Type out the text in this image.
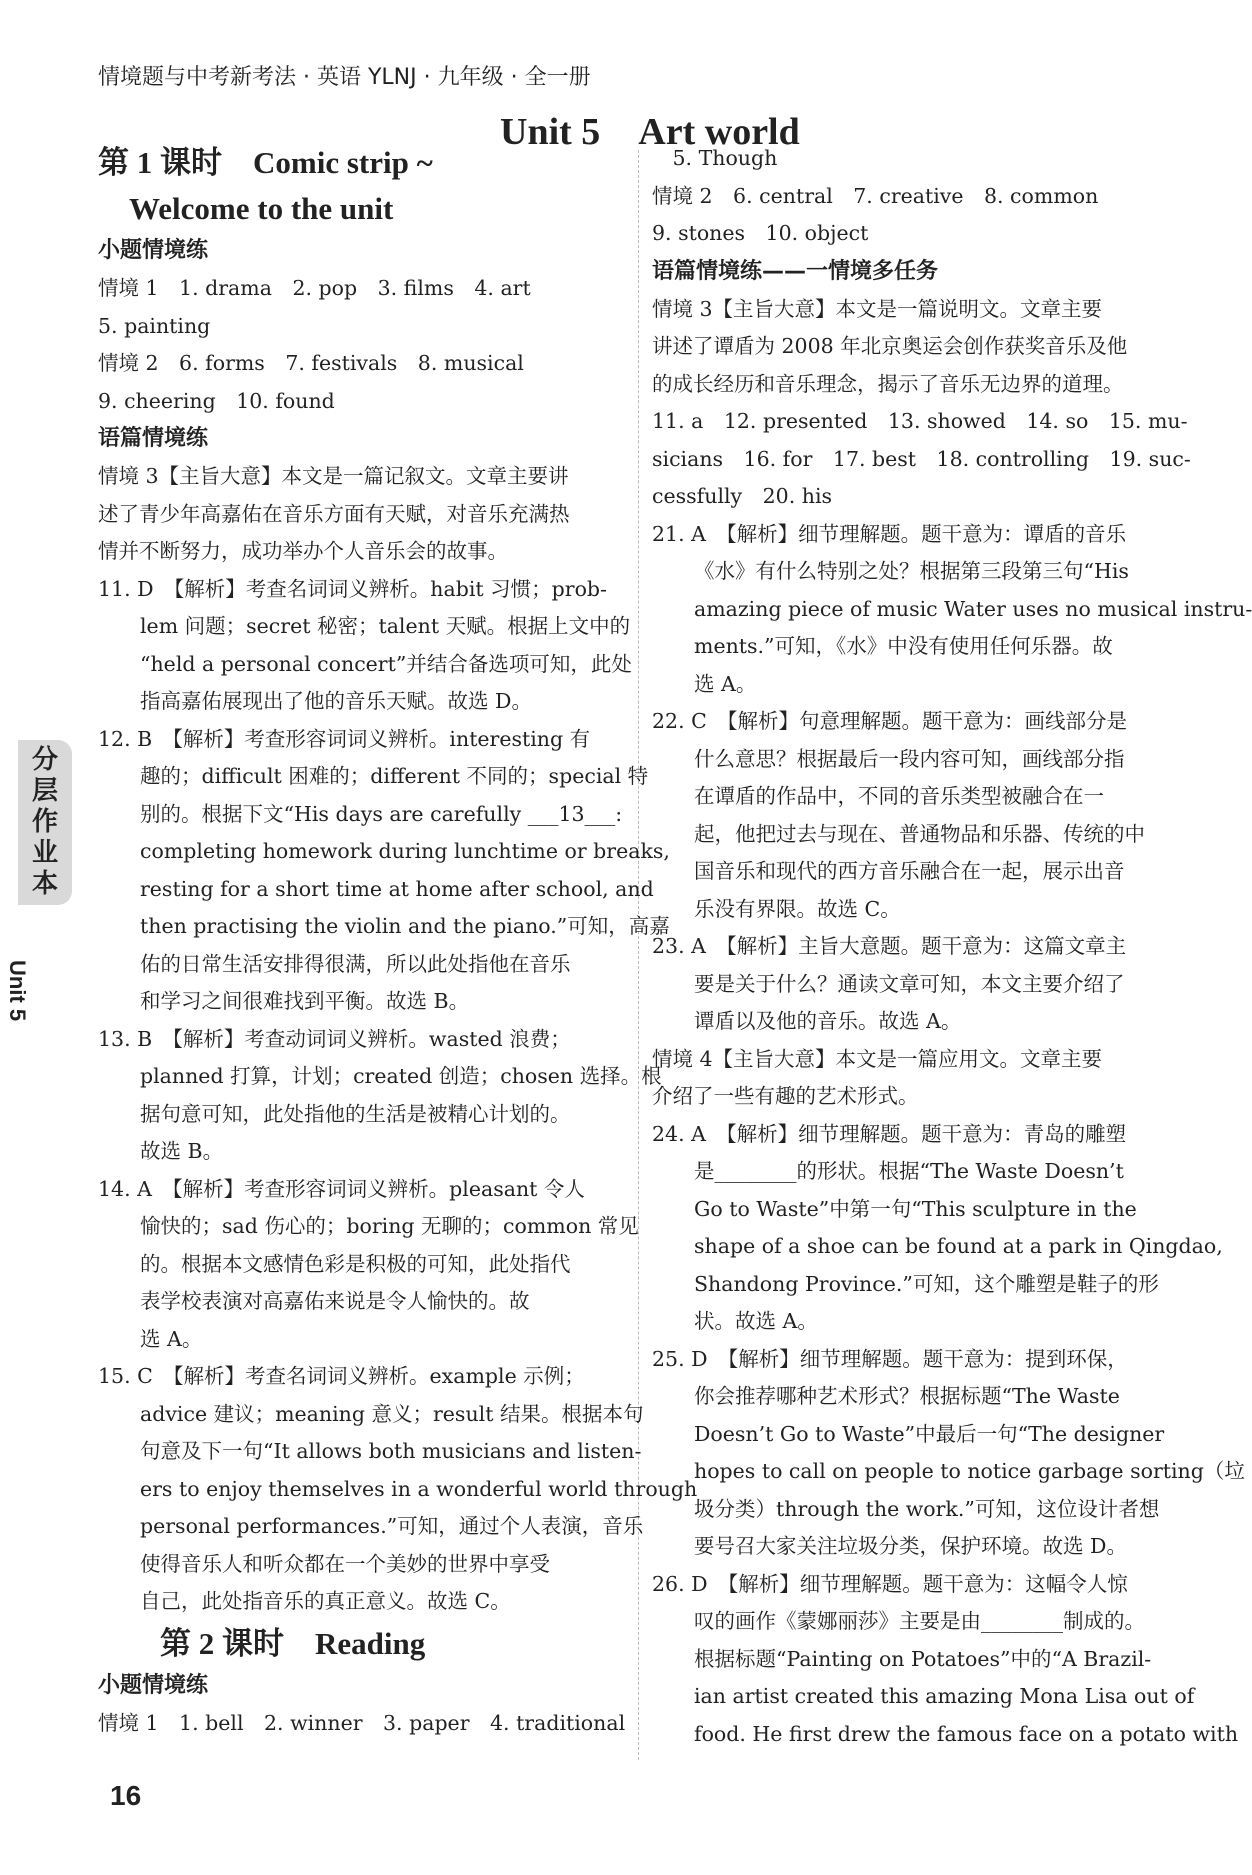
情境题与中考新考法 · 英语 YLNJ · 九年级 · 全一册
Unit 5　Art world
第 1 课时　Comic strip ~
　Welcome to the unit
小题情境练
情境 1　1. drama　2. pop　3. films　4. art
5. painting
情境 2　6. forms　7. festivals　8. musical
9. cheering　10. found
语篇情境练
情境 3【主旨大意】本文是一篇记叙文。文章主要讲
述了青少年高嘉佑在音乐方面有天赋，对音乐充满热
情并不断努力，成功举办个人音乐会的故事。
11. D　【解析】考查名词词义辨析。habit 习惯；prob-
lem 问题；secret 秘密；talent 天赋。根据上文中的
“held a personal concert”并结合备选项可知，此处
指高嘉佑展现出了他的音乐天赋。故选 D。
12. B　【解析】考查形容词词义辨析。interesting 有
趣的；difficult 困难的；different 不同的；special 特
别的。根据下文“His days are carefully ___13___:
completing homework during lunchtime or breaks,
resting for a short time at home after school, and
then practising the violin and the piano.”可知，高嘉
佑的日常生活安排得很满，所以此处指他在音乐
和学习之间很难找到平衡。故选 B。
13. B　【解析】考查动词词义辨析。wasted 浪费；
planned 打算，计划；created 创造；chosen 选择。根
据句意可知，此处指他的生活是被精心计划的。
故选 B。
14. A　【解析】考查形容词词义辨析。pleasant 令人
愉快的；sad 伤心的；boring 无聊的；common 常见
的。根据本文感情色彩是积极的可知，此处指代
表学校表演对高嘉佑来说是令人愉快的。故
选 A。
15. C　【解析】考查名词词义辨析。example 示例；
advice 建议；meaning 意义；result 结果。根据本句
句意及下一句“It allows both musicians and listen-
ers to enjoy themselves in a wonderful world through
personal performances.”可知，通过个人表演，音乐
使得音乐人和听众都在一个美妙的世界中享受
自己，此处指音乐的真正意义。故选 C。
　　第 2 课时　Reading
小题情境练
情境 1　1. bell　2. winner　3. paper　4. traditional
　5. Though
情境 2　6. central　7. creative　8. common
9. stones　10. object
语篇情境练——一情境多任务
情境 3【主旨大意】本文是一篇说明文。文章主要
讲述了谭盾为 2008 年北京奥运会创作获奖音乐及他
的成长经历和音乐理念，揭示了音乐无边界的道理。
11. a　12. presented　13. showed　14. so　15. mu-
sicians　16. for　17. best　18. controlling　19. suc-
cessfully　20. his
21. A　【解析】细节理解题。题干意为：谭盾的音乐
《水》有什么特别之处？根据第三段第三句“His
amazing piece of music Water uses no musical instru-
ments.”可知，《水》中没有使用任何乐器。故
选 A。
22. C　【解析】句意理解题。题干意为：画线部分是
什么意思？根据最后一段内容可知，画线部分指
在谭盾的作品中，不同的音乐类型被融合在一
起，他把过去与现在、普通物品和乐器、传统的中
国音乐和现代的西方音乐融合在一起，展示出音
乐没有界限。故选 C。
23. A　【解析】主旨大意题。题干意为：这篇文章主
要是关于什么？通读文章可知，本文主要介绍了
谭盾以及他的音乐。故选 A。
情境 4【主旨大意】本文是一篇应用文。文章主要
介绍了一些有趣的艺术形式。
24. A　【解析】细节理解题。题干意为：青岛的雕塑
是________的形状。根据“The Waste Doesn’t
Go to Waste”中第一句“This sculpture in the
shape of a shoe can be found at a park in Qingdao,
Shandong Province.”可知，这个雕塑是鞋子的形
状。故选 A。
25. D　【解析】细节理解题。题干意为：提到环保，
你会推荐哪种艺术形式？根据标题“The Waste
Doesn’t Go to Waste”中最后一句“The designer
hopes to call on people to notice garbage sorting（垃
圾分类）through the work.”可知，这位设计者想
要号召大家关注垃圾分类，保护环境。故选 D。
26. D　【解析】细节理解题。题干意为：这幅令人惊
叹的画作《蒙娜丽莎》主要是由________制成的。
根据标题“Painting on Potatoes”中的“A Brazil-
ian artist created this amazing Mona Lisa out of
food. He first drew the famous face on a potato with
分
层
作
业
本
Unit 5
16
